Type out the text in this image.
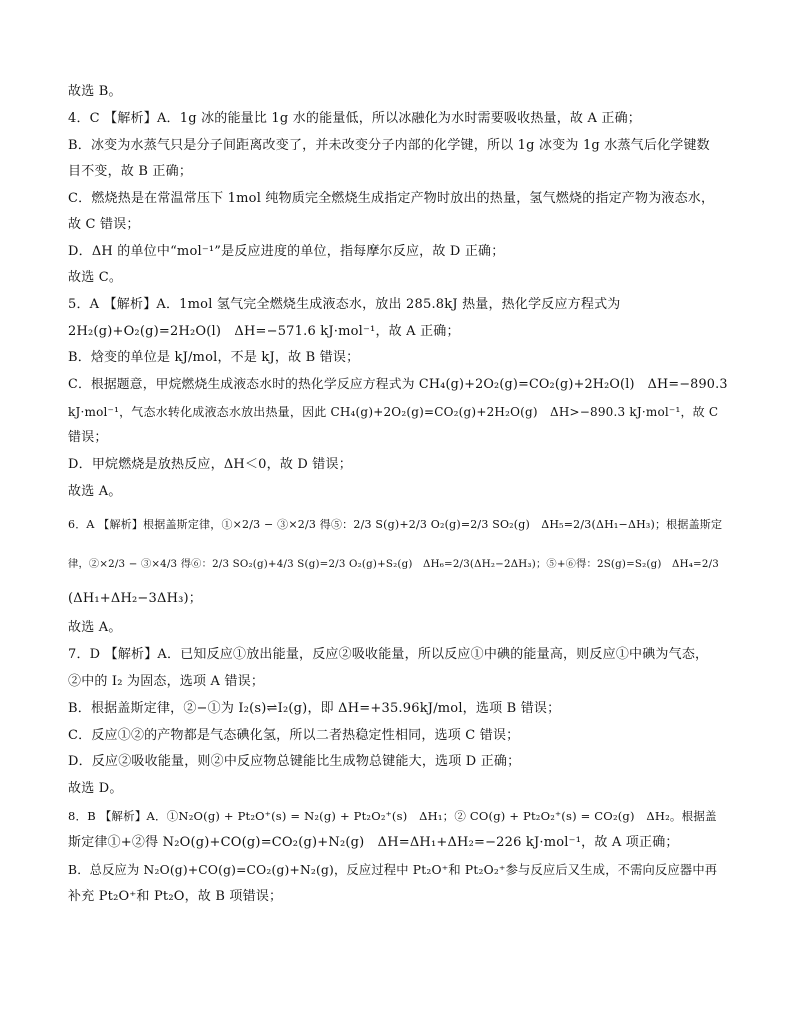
故选 B。
4．C 【解析】A．1g 冰的能量比 1g 水的能量低，所以冰融化为水时需要吸收热量，故 A 正确；
B．冰变为水蒸气只是分子间距离改变了，并未改变分子内部的化学键，所以 1g 冰变为 1g 水蒸气后化学键数
目不变，故 B 正确；
C．燃烧热是在常温常压下 1mol 纯物质完全燃烧生成指定产物时放出的热量，氢气燃烧的指定产物为液态水，
故 C 错误；
D．ΔH 的单位中“mol⁻¹”是反应进度的单位，指每摩尔反应，故 D 正确；
故选 C。
5．A 【解析】A．1mol 氢气完全燃烧生成液态水，放出 285.8kJ 热量，热化学反应方程式为
2H₂(g)+O₂(g)=2H₂O(l)　ΔH=−571.6 kJ·mol⁻¹，故 A 正确；
B．焓变的单位是 kJ/mol，不是 kJ，故 B 错误；
C．根据题意，甲烷燃烧生成液态水时的热化学反应方程式为 CH₄(g)+2O₂(g)=CO₂(g)+2H₂O(l)　ΔH=−890.3
kJ·mol⁻¹，气态水转化成液态水放出热量，因此 CH₄(g)+2O₂(g)=CO₂(g)+2H₂O(g)　ΔH>−890.3 kJ·mol⁻¹，故 C
错误；
D．甲烷燃烧是放热反应，ΔH＜0，故 D 错误；
故选 A。
6．A 【解析】根据盖斯定律，①×2/3 − ③×2/3 得⑤：2/3 S(g)+2/3 O₂(g)=2/3 SO₂(g)　ΔH₅=2/3(ΔH₁−ΔH₃)；根据盖斯定
律，②×2/3 − ③×4/3 得⑥：2/3 SO₂(g)+4/3 S(g)=2/3 O₂(g)+S₂(g)　ΔH₆=2/3(ΔH₂−2ΔH₃)；⑤+⑥得：2S(g)=S₂(g)　ΔH₄=2/3
(ΔH₁+ΔH₂−3ΔH₃)；
故选 A。
7．D 【解析】A．已知反应①放出能量，反应②吸收能量，所以反应①中碘的能量高，则反应①中碘为气态，
②中的 I₂ 为固态，选项 A 错误；
B．根据盖斯定律，②−①为 I₂(s)⇌I₂(g)，即 ΔH=+35.96kJ/mol，选项 B 错误；
C．反应①②的产物都是气态碘化氢，所以二者热稳定性相同，选项 C 错误；
D．反应②吸收能量，则②中反应物总键能比生成物总键能大，选项 D 正确；
故选 D。
8．B 【解析】A．①N₂O(g) + Pt₂O⁺(s) = N₂(g) + Pt₂O₂⁺(s)　ΔH₁；② CO(g) + Pt₂O₂⁺(s) = CO₂(g)　ΔH₂。根据盖
斯定律①+②得 N₂O(g)+CO(g)=CO₂(g)+N₂(g)　ΔH=ΔH₁+ΔH₂=−226 kJ·mol⁻¹，故 A 项正确；
B．总反应为 N₂O(g)+CO(g)=CO₂(g)+N₂(g)，反应过程中 Pt₂O⁺和 Pt₂O₂⁺参与反应后又生成，不需向反应器中再
补充 Pt₂O⁺和 Pt₂O，故 B 项错误；
